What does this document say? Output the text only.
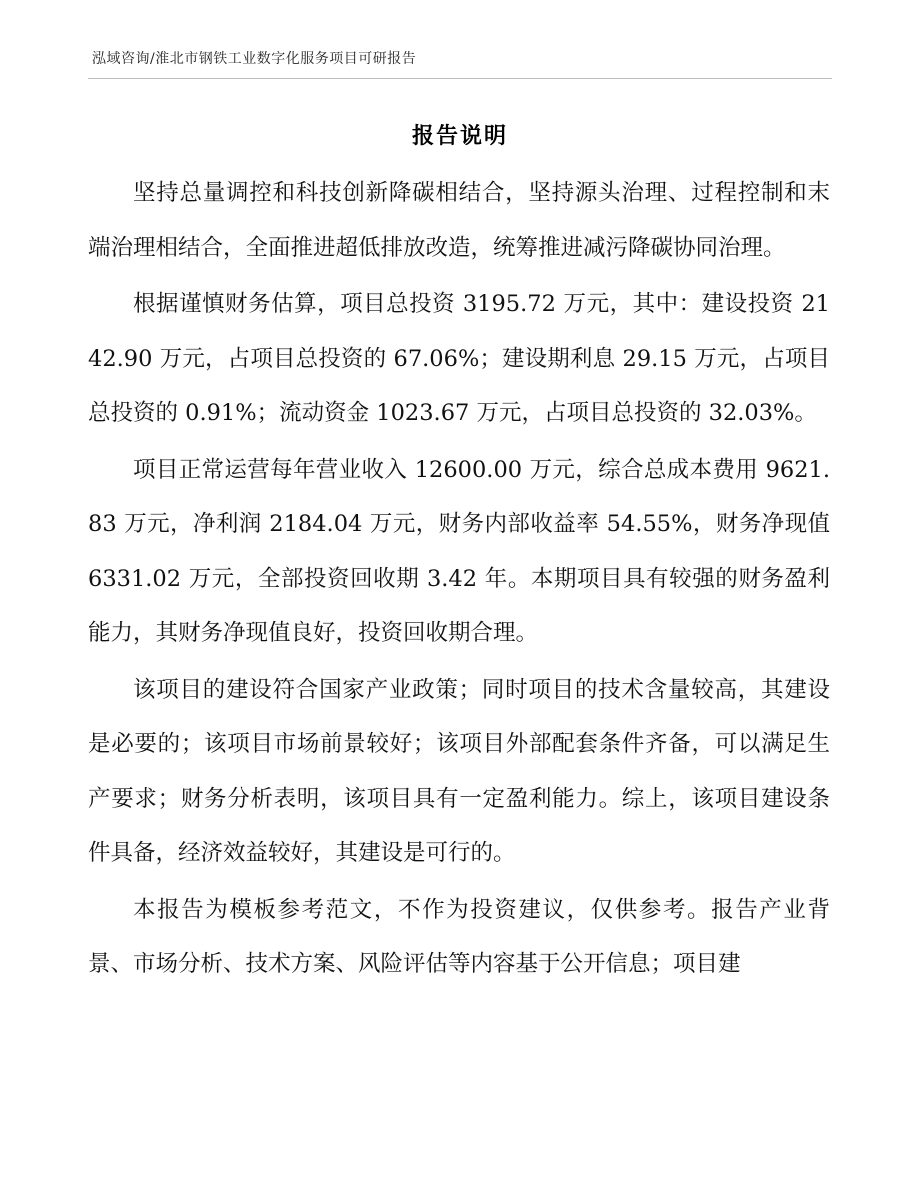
泓域咨询/淮北市钢铁工业数字化服务项目可研报告
报告说明

坚持总量调控和科技创新降碳相结合，坚持源头治理、过程控制和末端治理相结合，全面推进超低排放改造，统筹推进减污降碳协同治理。

根据谨慎财务估算，项目总投资 3195.72 万元，其中：建设投资 2142.90 万元，占项目总投资的 67.06%；建设期利息 29.15 万元，占项目总投资的 0.91%；流动资金 1023.67 万元，占项目总投资的 32.03%。

项目正常运营每年营业收入 12600.00 万元，综合总成本费用 9621.83 万元，净利润 2184.04 万元，财务内部收益率 54.55%，财务净现值 6331.02 万元，全部投资回收期 3.42 年。本期项目具有较强的财务盈利能力，其财务净现值良好，投资回收期合理。

该项目的建设符合国家产业政策；同时项目的技术含量较高，其建设是必要的；该项目市场前景较好；该项目外部配套条件齐备，可以满足生产要求；财务分析表明，该项目具有一定盈利能力。综上，该项目建设条件具备，经济效益较好，其建设是可行的。

本报告为模板参考范文，不作为投资建议，仅供参考。报告产业背景、市场分析、技术方案、风险评估等内容基于公开信息；项目建
